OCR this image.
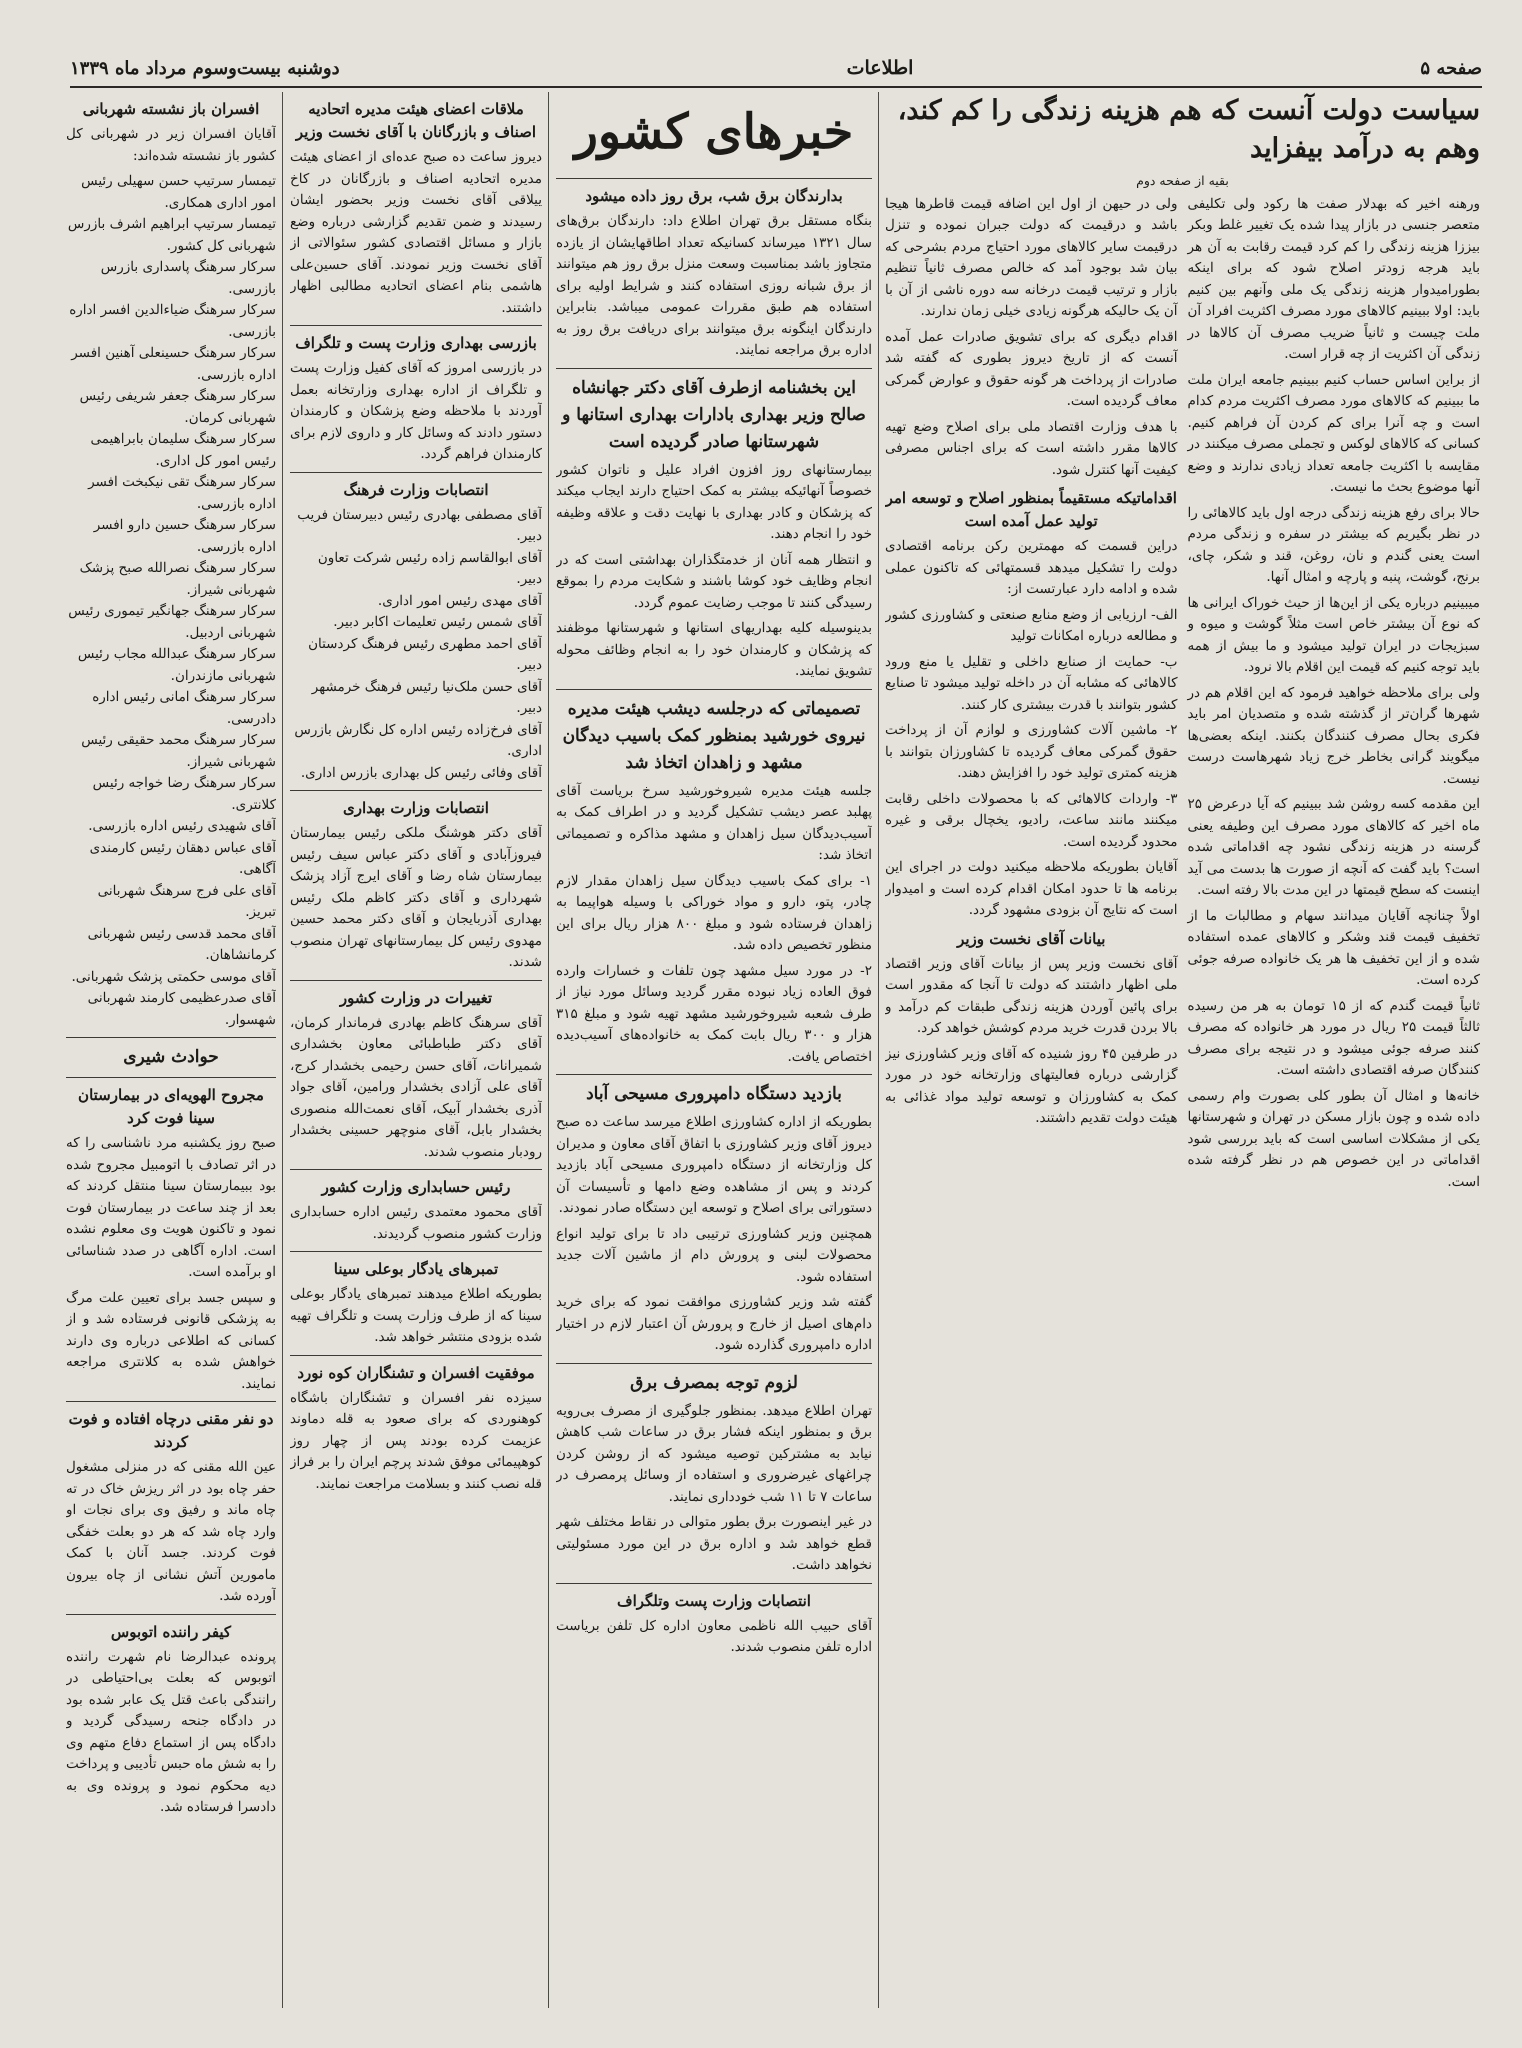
صفحه ۵
اطلاعات
دوشنبه بیست‌وسوم مرداد ماه ۱۳۳۹
سیاست دولت آنست که هم هزینه زندگی را کم کند، وهم به درآمد بیفزاید
بقیه از صفحه دوم

ورهنه اخیر که بهدلار صفت ها رکود ولی تکلیفی متعصر جنسی در بازار پیدا شده یک تغییر غلط وبکر بیززا هزینه زندگی را کم کرد قیمت رقابت به آن هر باید هرجه زودتر اصلاح شود که برای اینکه بطورامیدوار هزینه زندگی یک ملی وآنهم بین کنیم باید: اولا ببینیم کالاهای مورد مصرف اکثریت افراد آن ملت چیست و ثانیاً ضریب مصرف آن کالاها در زندگی آن اکثریت از چه قرار است.

از براین اساس حساب کنیم ببینیم جامعه ایران ملت ما ببینیم که کالاهای مورد مصرف اکثریت مردم کدام است و چه آنرا برای کم کردن آن فراهم کنیم. کسانی که کالاهای لوکس و تجملی مصرف میکنند در مقایسه با اکثریت جامعه تعداد زیادی ندارند و وضع آنها موضوع بحث ما نیست.

حالا برای رفع هزینه زندگی درجه اول باید کالاهائی را در نظر بگیریم که بیشتر در سفره و زندگی مردم است یعنی گندم و نان، روغن، قند و شکر، چای، برنج، گوشت، پنبه و پارچه و امثال آنها.

میبینیم درباره یکی از این‌ها از حیث خوراک ایرانی ها که نوع آن بیشتر خاص است مثلاً گوشت و میوه و سبزیجات در ایران تولید میشود و ما بیش از همه باید توجه کنیم که قیمت این اقلام بالا نرود.

ولی برای ملاحظه خواهید فرمود که این اقلام هم در شهرها گران‌تر از گذشته شده و متصدیان امر باید فکری بحال مصرف کنندگان بکنند. اینکه بعضی‌ها میگویند گرانی بخاطر خرج زیاد شهرهاست درست نیست.

این مقدمه کسه روشن شد ببینیم که آیا درعرض ۲۵ ماه اخیر که کالاهای مورد مصرف این وطیفه یعنی گرسنه در هزینه زندگی نشود چه اقداماتی شده است؟ باید گفت که آنچه از صورت ها بدست می آید اینست که سطح قیمتها در این مدت بالا رفته است.

اولاً چنانچه آقایان میدانند سهام و مطالبات ما از تخفیف قیمت قند وشکر و کالاهای عمده استفاده شده و از این تخفیف ها هر یک خانواده صرفه جوئی کرده است.

ثانیاً قیمت گندم که از ۱۵ تومان به هر من رسیده ثالثاً قیمت ۲۵ ریال در مورد هر خانواده که مصرف کنند صرفه جوئی میشود و در نتیجه برای مصرف کنندگان صرفه اقتصادی داشته است.

خانه‌ها و امثال آن بطور کلی بصورت وام رسمی داده شده و چون بازار مسکن در تهران و شهرستانها یکی از مشکلات اساسی است که باید بررسی شود اقداماتی در این خصوص هم در نظر گرفته شده است.

ولی در حیهن از اول این اضافه قیمت قاطرها هیجا باشد و درقیمت که دولت جبران نموده و تنزل درقیمت سایر کالاهای مورد احتیاج مردم بشرحی که بیان شد بوجود آمد که خالص مصرف ثانیاً تنظیم بازار و ترتیب قیمت درخانه سه دوره ناشی از آن با آن یک حالیکه هرگونه زیادی خیلی زمان ندارند.

اقدام دیگری که برای تشویق صادرات عمل آمده آنست که از تاریخ دیروز بطوری که گفته شد صادرات از پرداخت هر گونه حقوق و عوارض گمرکی معاف گردیده است.

با هدف وزارت اقتصاد ملی برای اصلاح وضع تهیه کالاها مقرر داشته است که برای اجناس مصرفی کیفیت آنها کنترل شود.

اقداماتیکه مستقیماً بمنظور اصلاح و توسعه امر تولید عمل آمده است

دراین قسمت که مهمترین رکن برنامه اقتصادی دولت را تشکیل میدهد قسمتهائی که تاکنون عملی شده و ادامه دارد عبارتست از:

الف- ارزیابی از وضع منابع صنعتی و کشاورزی کشور و مطالعه درباره امکانات تولید

ب- حمایت از صنایع داخلی و تقلیل یا منع ورود کالاهائی که مشابه آن در داخله تولید میشود تا صنایع کشور بتوانند با قدرت بیشتری کار کنند.

۲- ماشین آلات کشاورزی و لوازم آن از پرداخت حقوق گمرکی معاف گردیده تا کشاورزان بتوانند با هزینه کمتری تولید خود را افزایش دهند.

۳- واردات کالاهائی که با محصولات داخلی رقابت میکنند مانند ساعت، رادیو، یخچال برقی و غیره محدود گردیده است.

آقایان بطوریکه ملاحظه میکنید دولت در اجرای این برنامه ها تا حدود امکان اقدام کرده است و امیدوار است که نتایج آن بزودی مشهود گردد.

بیانات آقای نخست وزیر

آقای نخست وزیر پس از بیانات آقای وزیر اقتصاد ملی اظهار داشتند که دولت تا آنجا که مقدور است برای پائین آوردن هزینه زندگی طبقات کم درآمد و بالا بردن قدرت خرید مردم کوشش خواهد کرد.

در طرفین ۴۵ روز شنیده که آقای وزیر کشاورزی نیز گزارشی درباره فعالیتهای وزارتخانه خود در مورد کمک به کشاورزان و توسعه تولید مواد غذائی به هیئت دولت تقدیم داشتند.

خبرهای کشور
بدارندگان برق شب، برق روز داده میشود

بنگاه مستقل برق تهران اطلاع داد: دارندگان برق‌های سال ۱۳۲۱ میرساند کسانیکه تعداد اطاقهایشان از یازده متجاوز باشد بمناسبت وسعت منزل برق روز هم میتوانند از برق شبانه روزی استفاده کنند و شرایط اولیه برای استفاده هم طبق مقررات عمومی میباشد. بنابراین دارندگان اینگونه برق میتوانند برای دریافت برق روز به اداره برق مراجعه نمایند.

این بخشنامه ازطرف آقای دکتر جهانشاه صالح وزیر بهداری بادارات بهداری استانها و شهرستانها صادر گردیده است

بیمارستانهای روز افزون افراد علیل و ناتوان کشور خصوصاً آنهائیکه بیشتر به کمک احتیاج دارند ایجاب میکند که پزشکان و کادر بهداری با نهایت دقت و علاقه وظیفه خود را انجام دهند.

و انتظار همه آنان از خدمتگذاران بهداشتی است که در انجام وظایف خود کوشا باشند و شکایت مردم را بموقع رسیدگی کنند تا موجب رضایت عموم گردد.

بدینوسیله کلیه بهداریهای استانها و شهرستانها موظفند که پزشکان و کارمندان خود را به انجام وظائف محوله تشویق نمایند.

تصمیماتی که درجلسه دیشب هیئت مدیره نیروی خورشید بمنظور کمک باسیب دیدگان مشهد و زاهدان اتخاذ شد

جلسه هیئت مدیره شیروخورشید سرخ بریاست آقای پهلبد عصر دیشب تشکیل گردید و در اطراف کمک به آسیب‌دیدگان سیل زاهدان و مشهد مذاکره و تصمیماتی اتخاذ شد:

۱- برای کمک باسیب دیدگان سیل زاهدان مقدار لازم چادر، پتو، دارو و مواد خوراکی با وسیله هواپیما به زاهدان فرستاده شود و مبلغ ۸۰۰ هزار ریال برای این منظور تخصیص داده شد.

۲- در مورد سیل مشهد چون تلفات و خسارات وارده فوق العاده زیاد نبوده مقرر گردید وسائل مورد نیاز از طرف شعبه شیروخورشید مشهد تهیه شود و مبلغ ۳۱۵ هزار و ۳۰۰ ریال بابت کمک به خانواده‌های آسیب‌دیده اختصاص یافت.

بازدید دستگاه دامپروری مسیحی آباد

بطوریکه از اداره کشاورزی اطلاع میرسد ساعت ده صبح دیروز آقای وزیر کشاورزی با اتفاق آقای معاون و مدیران کل وزارتخانه از دستگاه دامپروری مسیحی آباد بازدید کردند و پس از مشاهده وضع دامها و تأسیسات آن دستوراتی برای اصلاح و توسعه این دستگاه صادر نمودند.

همچنین وزیر کشاورزی ترتیبی داد تا برای تولید انواع محصولات لبنی و پرورش دام از ماشین آلات جدید استفاده شود.

گفته شد وزیر کشاورزی موافقت نمود که برای خرید دام‌های اصیل از خارج و پرورش آن اعتبار لازم در اختیار اداره دامپروری گذارده شود.

لزوم توجه بمصرف برق

تهران اطلاع میدهد. بمنظور جلوگیری از مصرف بی‌رویه برق و بمنظور اینکه فشار برق در ساعات شب کاهش نیابد به مشترکین توصیه میشود که از روشن کردن چراغهای غیرضروری و استفاده از وسائل پرمصرف در ساعات ۷ تا ۱۱ شب خودداری نمایند.

در غیر اینصورت برق بطور متوالی در نقاط مختلف شهر قطع خواهد شد و اداره برق در این مورد مسئولیتی نخواهد داشت.

انتصابات وزارت پست وتلگراف

آقای حبیب الله ناظمی معاون اداره کل تلفن بریاست اداره تلفن منصوب شدند.

ملاقات اعضای هیئت مدیره اتحادیه اصناف و بازرگانان با آقای نخست وزیر

دیروز ساعت ده صبح عده‌ای از اعضای هیئت مدیره اتحادیه اصناف و بازرگانان در کاخ ییلاقی آقای نخست وزیر بحضور ایشان رسیدند و ضمن تقدیم گزارشی درباره وضع بازار و مسائل اقتصادی کشور سئوالاتی از آقای نخست وزیر نمودند. آقای حسین‌علی هاشمی بنام اعضای اتحادیه مطالبی اظهار داشتند.

بازرسی بهداری وزارت پست و تلگراف

در بازرسی امروز که آقای کفیل وزارت پست و تلگراف از اداره بهداری وزارتخانه بعمل آوردند با ملاحظه وضع پزشکان و کارمندان دستور دادند که وسائل کار و داروی لازم برای کارمندان فراهم گردد.

انتصابات وزارت فرهنگ
آقای مصطفی بهادری رئیس دبیرستان فریب دبیر.
آقای ابوالقاسم زاده رئیس شرکت تعاون دبیر.
آقای مهدی رئیس امور اداری.
آقای شمس رئیس تعلیمات اکابر دبیر.
آقای احمد مطهری رئیس فرهنگ کردستان دبیر.
آقای حسن ملک‌نیا رئیس فرهنگ خرمشهر دبیر.
آقای فرخ‌زاده رئیس اداره کل نگارش بازرس اداری.
آقای وفائی رئیس کل بهداری بازرس اداری.
انتصابات وزارت بهداری

آقای دکتر هوشنگ ملکی رئیس بیمارستان فیروزآبادی و آقای دکتر عباس سیف رئیس بیمارستان شاه رضا و آقای ایرج آزاد پزشک شهرداری و آقای دکتر کاظم ملک رئیس بهداری آذربایجان و آقای دکتر محمد حسین مهدوی رئیس کل بیمارستانهای تهران منصوب شدند.

تغییرات در وزارت کشور

آقای سرهنگ کاظم بهادری فرماندار کرمان، آقای دکتر طباطبائی معاون بخشداری شمیرانات، آقای حسن رحیمی بخشدار کرج، آقای علی آزادی بخشدار ورامین، آقای جواد آذری بخشدار آبیک، آقای نعمت‌الله منصوری بخشدار بابل، آقای منوچهر حسینی بخشدار رودبار منصوب شدند.

رئیس حسابداری وزارت کشور

آقای محمود معتمدی رئیس اداره حسابداری وزارت کشور منصوب گردیدند.

تمبرهای یادگار بوعلی سینا

بطوریکه اطلاع میدهند تمبرهای یادگار بوعلی سینا که از طرف وزارت پست و تلگراف تهیه شده بزودی منتشر خواهد شد.

موفقیت افسران و تشنگاران کوه نورد

سیزده نفر افسران و تشنگاران باشگاه کوهنوردی که برای صعود به قله دماوند عزیمت کرده بودند پس از چهار روز کوهپیمائی موفق شدند پرچم ایران را بر فراز قله نصب کنند و بسلامت مراجعت نمایند.

افسران باز نشسته شهربانی

آقایان افسران زیر در شهربانی کل کشور باز نشسته شده‌اند:

تیمسار سرتیپ حسن سهیلی رئیس امور اداری همکاری.
تیمسار سرتیپ ابراهیم اشرف بازرس شهربانی کل کشور.
سرکار سرهنگ پاسداری بازرس بازرسی.
سرکار سرهنگ ضیاءالدین افسر اداره بازرسی.
سرکار سرهنگ حسینعلی آهنین افسر اداره بازرسی.
سرکار سرهنگ جعفر شریفی رئیس شهربانی کرمان.
سرکار سرهنگ سلیمان بابراهیمی رئیس امور کل اداری.
سرکار سرهنگ تقی نیکبخت افسر اداره بازرسی.
سرکار سرهنگ حسین دارو افسر اداره بازرسی.
سرکار سرهنگ نصرالله صبح پزشک شهربانی شیراز.
سرکار سرهنگ جهانگیر تیموری رئیس شهربانی اردبیل.
سرکار سرهنگ عبدالله مجاب رئیس شهربانی مازندران.
سرکار سرهنگ امانی رئیس اداره دادرسی.
سرکار سرهنگ محمد حقیقی رئیس شهربانی شیراز.
سرکار سرهنگ رضا خواجه رئیس کلانتری.
آقای شهیدی رئیس اداره بازرسی.
آقای عباس دهقان رئیس کارمندی آگاهی.
آقای علی فرج سرهنگ شهربانی تبریز.
آقای محمد قدسی رئیس شهربانی کرمانشاهان.
آقای موسی حکمتی پزشک شهربانی.
آقای صدرعظیمی کارمند شهربانی شهسوار.
حوادث شیری
مجروح الهویه‌ای در بیمارستان سینا فوت کرد

صبح روز یکشنبه مرد ناشناسی را که در اثر تصادف با اتومبیل مجروح شده بود ببیمارستان سینا منتقل کردند که بعد از چند ساعت در بیمارستان فوت نمود و تاکنون هویت وی معلوم نشده است. اداره آگاهی در صدد شناسائی او برآمده است.

و سپس جسد برای تعیین علت مرگ به پزشکی قانونی فرستاده شد و از کسانی که اطلاعی درباره وی دارند خواهش شده به کلانتری مراجعه نمایند.

دو نفر مقنی درچاه افتاده و فوت کردند

عین الله مقنی که در منزلی مشغول حفر چاه بود در اثر ریزش خاک در ته چاه ماند و رفیق وی برای نجات او وارد چاه شد که هر دو بعلت خفگی فوت کردند. جسد آنان با کمک مامورین آتش نشانی از چاه بیرون آورده شد.

کیفر راننده اتوبوس

پرونده عبدالرضا نام شهرت راننده اتوبوس که بعلت بی‌احتیاطی در رانندگی باعث قتل یک عابر شده بود در دادگاه جنحه رسیدگی گردید و دادگاه پس از استماع دفاع متهم وی را به شش ماه حبس تأدیبی و پرداخت دیه محکوم نمود و پرونده وی به دادسرا فرستاده شد.
